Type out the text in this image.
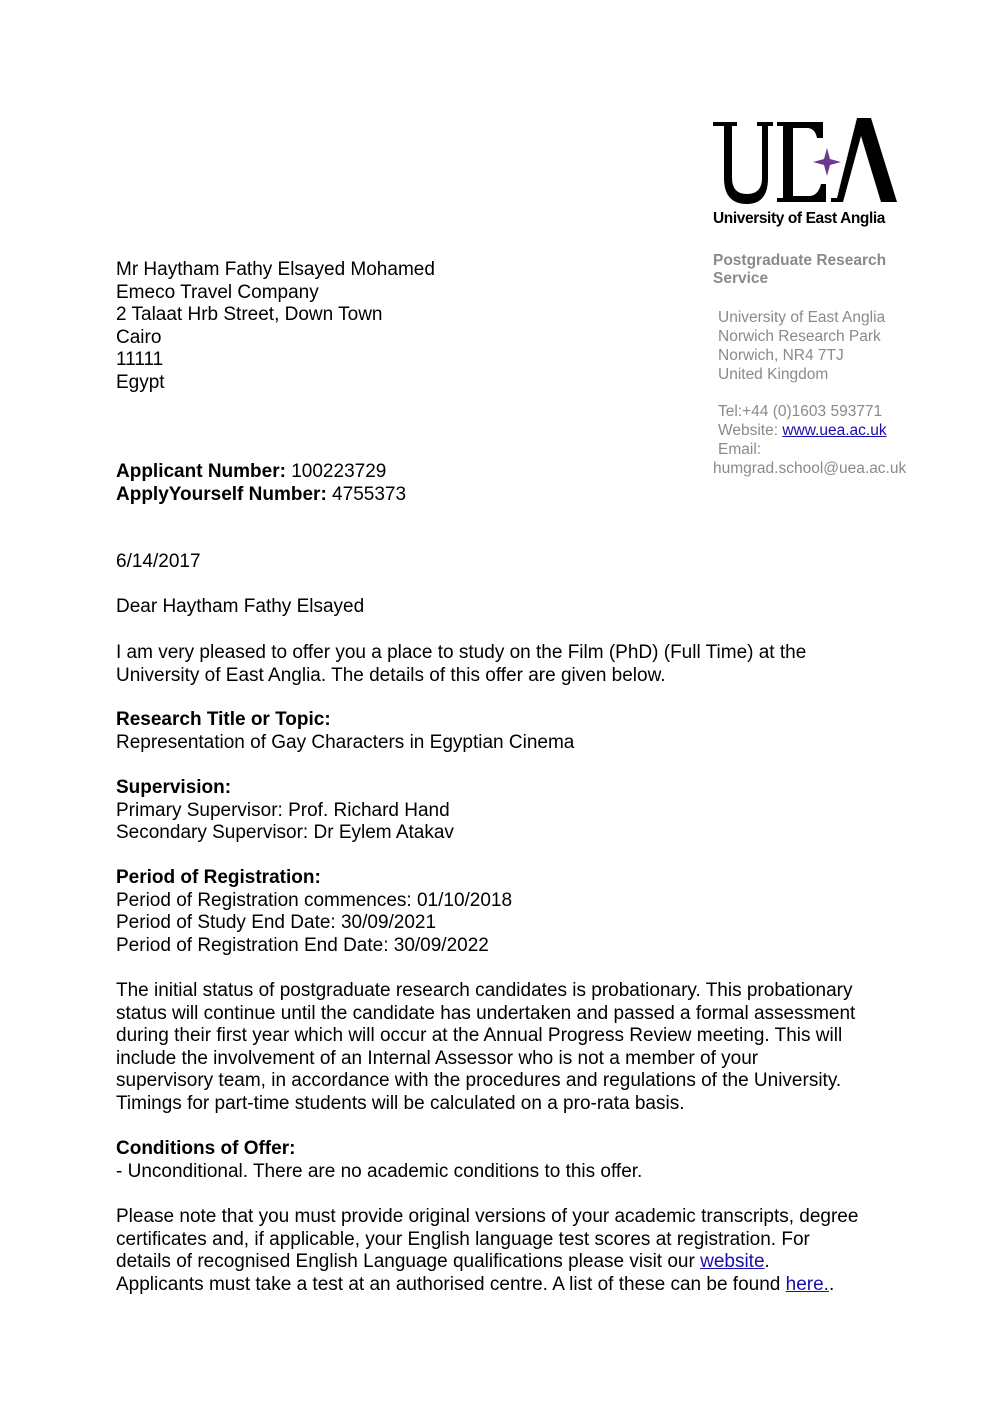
University of East Anglia
Postgraduate Research
Service
University of East Anglia
Norwich Research Park
Norwich, NR4 7TJ
United Kingdom
Tel:+44 (0)1603 593771
Website: www.uea.ac.uk
Email:
humgrad.school@uea.ac.uk
Mr Haytham Fathy Elsayed Mohamed
Emeco Travel Company
2 Talaat Hrb Street, Down Town
Cairo
11111
Egypt
Applicant Number: 100223729
ApplyYourself Number: 4755373
6/14/2017
Dear Haytham Fathy Elsayed
I am very pleased to offer you a place to study on the Film (PhD) (Full Time) at the
University of East Anglia. The details of this offer are given below.
Research Title or Topic:
Representation of Gay Characters in Egyptian Cinema
Supervision:
Primary Supervisor: Prof. Richard Hand
Secondary Supervisor: Dr Eylem Atakav
Period of Registration:
Period of Registration commences: 01/10/2018
Period of Study End Date: 30/09/2021
Period of Registration End Date: 30/09/2022
The initial status of postgraduate research candidates is probationary. This probationary
status will continue until the candidate has undertaken and passed a formal assessment
during their first year which will occur at the Annual Progress Review meeting. This will
include the involvement of an Internal Assessor who is not a member of your
supervisory team, in accordance with the procedures and regulations of the University.
Timings for part-time students will be calculated on a pro-rata basis.
Conditions of Offer:
- Unconditional. There are no academic conditions to this offer.
Please note that you must provide original versions of your academic transcripts, degree
certificates and, if applicable, your English language test scores at registration. For
details of recognised English Language qualifications please visit our website.
Applicants must take a test at an authorised centre. A list of these can be found here..
